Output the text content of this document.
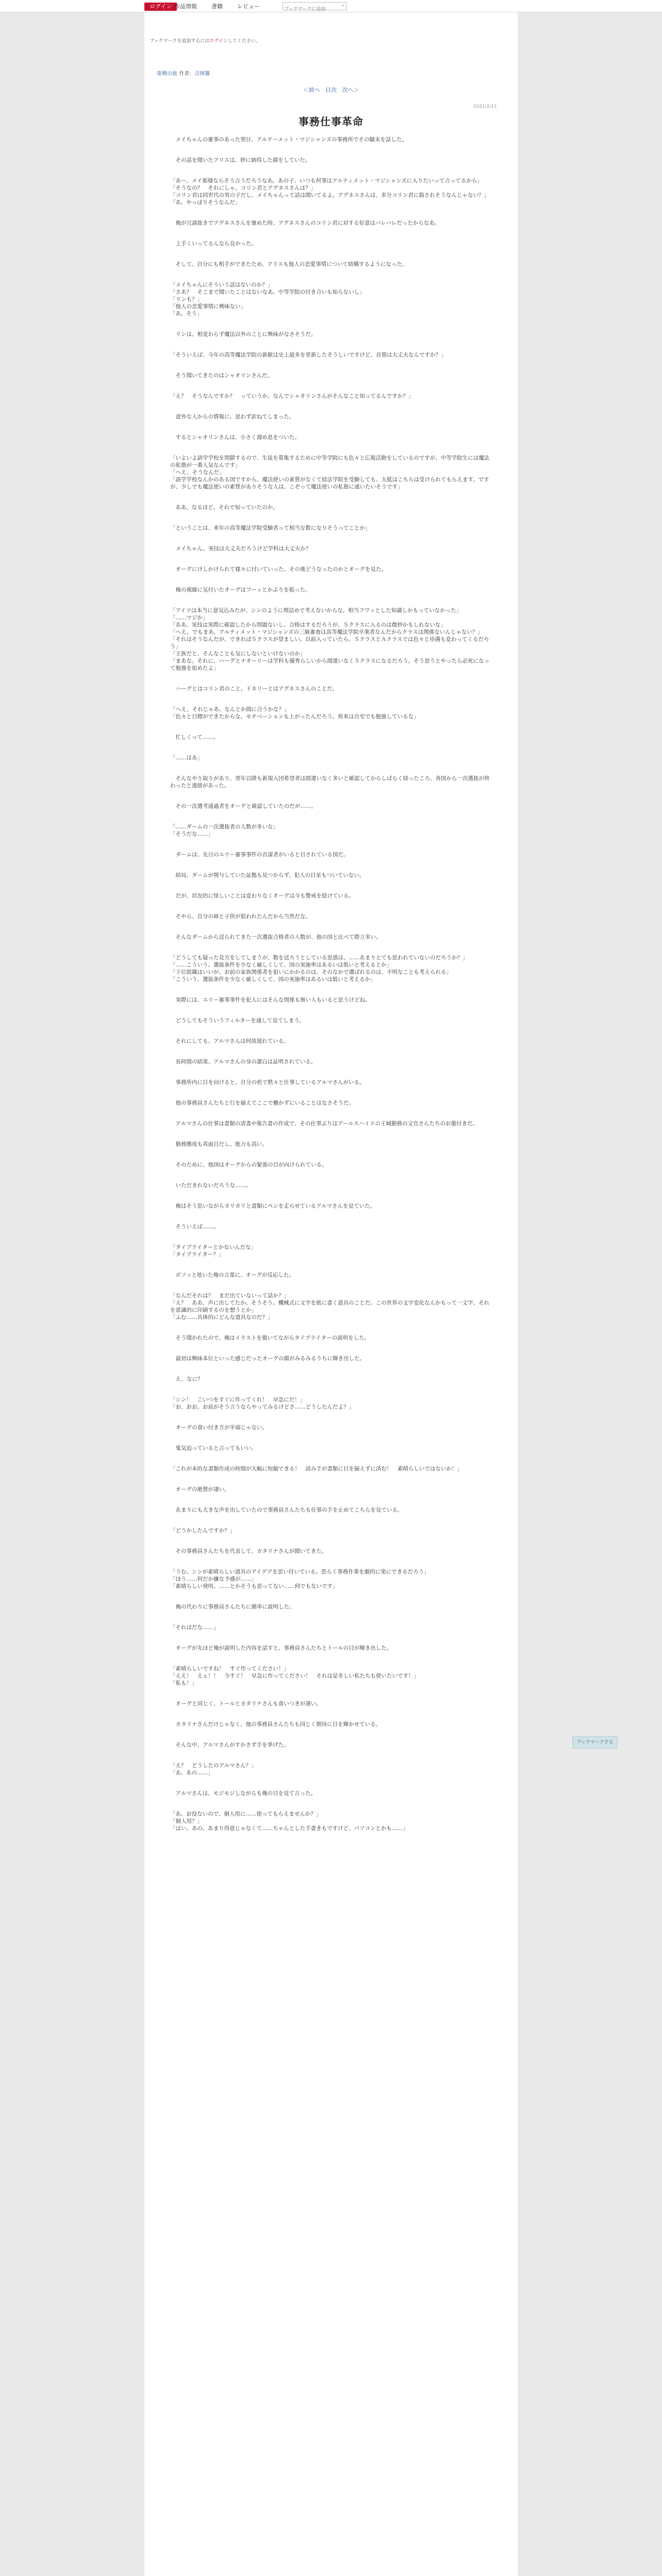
ログイン 作品情報	書籍	レビュー
ブックマークに追加	⌕
ブックマークを追加するにはログインしてください。
重戦の旅 作者：吉岡馨
＜前へ 目次 次へ＞
2021/2/11
事務仕事革命

　メイちゃんの審事のあった翌日、アルテーメット・マジシャンズの事務所でその騒末を話した。

　その話を聞いたアリスは、妙に納得した顔をしていた。

「あー、メイ姫様ならそう言うだろうなあ。あの子、いつも何事はアルティメット・マジシャンズに入りたいって言ってるから」
「そうなの？　それにしゃ、コリン君とアグネスさんは？」
「コリン君は同世代の男の子だし、メイちゃんって話は聞いてるよ。アグネスさんは、多分コリン君に殺されそうなんじゃない？」
「あ、やっぱりそうなんだ」

　俺が冗談抜きでアグネスさんを褒めた時、アグネスさんのコリン君に対する好意はバレバレだったからなあ。

　上手くいってるんなら良かった。

　そして、自分にも相手ができたため、アリスも他人の恋愛事情について結構するようになった。

「メイちゃんにそういう話はないのか？」
「さあ？　そこまで聞いたことはないなあ。中等学院の付き合いも知らないし」
「リンも？」
「他人の恋愛事情に興味ない」
「あ、そう」

　リンは、相変わらず魔法以外のことに興味がなさそうだ。

「そういえば、今年の高等魔法学院の新歓は史上最多を更新したそうしいですけど、首領は大丈夫なんですか？」

　そう聞いてきたのはシャオリンさんだ。

「え？　そうなんですか？　っていうか、なんでシャオリンさんがそんなこと知ってるんですか？」

　意外な人からの情報に、思わず訳ねてしまった。

　するとシャオリンさんは、小さく溜め息をついた。

「いよいよ語学学校を閉鎖するので、生徒を募集するために中等学院にも色々と広報活動をしているのですが、中等学院生には魔法の私塾が一番人気なんです」
「へえ、そうなんだ」
「語学学校なんかのある国ですから、魔法使いの素質がなくて経法学院を受験しても、大抵はこちらは受けられてもらえます。ですが、少しでも魔法使いの素質がありそうな人は、こぞって魔法使いの私塾に通いたいそうです」

　ああ、なるほど。それで知っていたのか。

「ということは、来年の高等魔法学院受験者って相当な数になりそうってことか」

　メイちゃん、実技は大丈夫だろうけど学科は大丈夫か？

　オーグにけしかけられて様々に付いていった、その後どうなったのかとオーグを見た。

　俺の視線に気付いたオーグはフーッとかぶりを振った。

「アイツは本当に意気込みたが、シンのように理詰めで考えないからな。相当フワッとした知識しかもっていなかった」
「……マジか」
「ああ、実技は実際に確認したから問題ないし、合格はするだろうが、Ｓクラスに入るのは微妙かもしれないな」
「へえ、でもまあ、アルティメット・マジシャンズの三級審査は高等魔法学院卒業者なんだからクラスは関係ないんじゃない？」
「それはそうなんだが、できればＳクラスが望ましい。以前入っていたら、ＳクラスとＡクラスでは色々と待遇も変わってくるだろう」
「王族だと、そんなことも気にしないといけないのか」
「まあな。それに、ハーグとナオーリーは学科も優秀らしいから間違いなくＳクラスになるだろう。そう思うとやったら必死になって勉強を始めたよ」

　ハーグとはコリン君のこと。ドネリーとはアグネスさんのことだ。

「へえ、それじゃあ、なんとか間に合うかな？」
「色々と目標ができたからな。モチベーションも上がったんだろう。将来は自宅でも勉強しているな」

　忙しくって……。

「……はあ」

　そんなやり取りがあり、翌年以降も新規入団希望者は間違いなく多いと確認してからしばらく経ったころ、各国から一次選抜が終わったと連絡があった。

　その一次選考通過者をオーグと確認していたのだが……。

「……ダームの一次選抜者の人数が多いな」
「そうだな……」

　ダームは、先日のエリー審事事件の首謀者がいると目されている国だ。

　結局、ダームが関与していた証拠も見つからず、犯人の目星もついていない。

　だが、状況的に怪しいことは変わりなくオーグは今も警戒を続けている。

　そやら、自分の姉と子供が狙われたんだから当然だな。

　そんなダームから送られてきた一次選抜合格者の人数が、他の国と比べて際立多い。

「どうしても疑った見方をしてしまうが、数を送ろうとしている思惑は、……あまりとても思われていないのだろうか？」
「……こういう、選抜条件を少なく厳しくして、国の実施率はあるいは低いと考えるとか」
「下位組織はいいが、お前の家族関係者を狙いにかかるのは、そのなかで選ばれるのは、不明なことも考えられる」
「こういう、選抜条件を少なく厳しくして、国の実施率はあるいは低いと考えるか」

　実際には、エリー審事事件を犯人にはそんな関係も無い人もいると思うけどね。

　どうしてもそういうフィルターを通して見てしまう。

　それにしても、アルマさんは何故遅れている。

　長時間の結果、アルマさんの身の潔白は証明されている。

　事務所内に目を向けると、自分の机で黙々と仕事しているアルマさんがいる。

　他の事務員さんたちと行を揃えてここで働かずにいることはなさそうだ。

　アルマさんの仕事は書類の清書や報告書の作成で、その仕事ぶりはアールスハイドの王城勤務の文官さんたちのお墨付きだ。

　勤務態度も真面目だし、能力も高い。

　そのために、他国はオーグからの緊張の目が向けられている。

　いただきれないだろうな……。

　俺はそう思いながらカリカリと書類にペンを走らせているアルマさんを見ていた。

　そういえば……。

「タイプライターとかないんだな」
「タイプライター？」

　ボソッと呟いた俺の言葉に、オーグが反応した。

「なんだそれは？　まだ出ていないって話か？」
「え？　ああ、声に出してたか。そうそう。機械式に文字を紙に書く道具のことだ。この世界の文字変化なんかもって一文字、それを意識的に印刷するのを想うとか」
「ふむ……具体的にどんな道具なのだ？」

　そう聞かれたので、俺はイラストを描いてながらタイプライターの説明をした。

　最初は興味本位といった感じだったオーグの顔がみるみるうちに輝き出した。

　え、なに？

「シン！　こいつをすぐに作ってくれ！　早急にだ！」
「お、おお。お前がそう言うならやってみるけどさ……どうしたんだよ？」

　オーグの食い付き方が半端じゃない。

　鬼気迫っていると言ってもいい。

「これが本的な書類作成の時間が大幅に短縮できる！　読み手が書類に目を揃えずに済む！　素晴らしいではないか！」

　オーグの絶賛が凄い。

　あまりにも大きな声を出していたので事務員さんたちも仕事の手を止めてこちらを見ている。

「どうかしたんですか？」

　その事務員さんたちを代表して、カタリナさんが聞いてきた。

「うむ。シンが素晴らしい道具のアイデアを思い付いている。恐らく事務作業を劇的に楽にできるだろう」
「ほう……何だか嫌な予感が……」
「素晴らしい発明、……とかそうも思ってない……何でもないです」

　俺の代わりに事務員さんたちに簡単に説明した。

「それはだな……」

　オーグが先ほど俺が説明した内容を話すと、事務員さんたちとトールの目が輝き出した。

「素晴らしいですね！　すぐ作ってください！」
「ええ！　えぇ！！　今すぐ！　早急に作ってください！　それは是非しい私たちも使いたいです！」
「私も！」

　オーグと同じく、トールとカタリナさんも食いつきが凄い。

　カタリナさんだけじゃなく、他の事務員さんたちも同じく期待に目を輝かせている。

　そんな中、アルマさんがすかさず手を挙げた。

「え？　どうしたのアルマさん？」
「あ、あの……」

　アルマさんは、モジモジしながらも俺の目を見て言った。

「あ、お役ないので、個人用に……使ってもらえませんか？」
「個人用？」
「はい。あの、あまり得意じゃなくて……ちゃんとした手書きもですけど、パソコンとかも……」

ブックマークする
